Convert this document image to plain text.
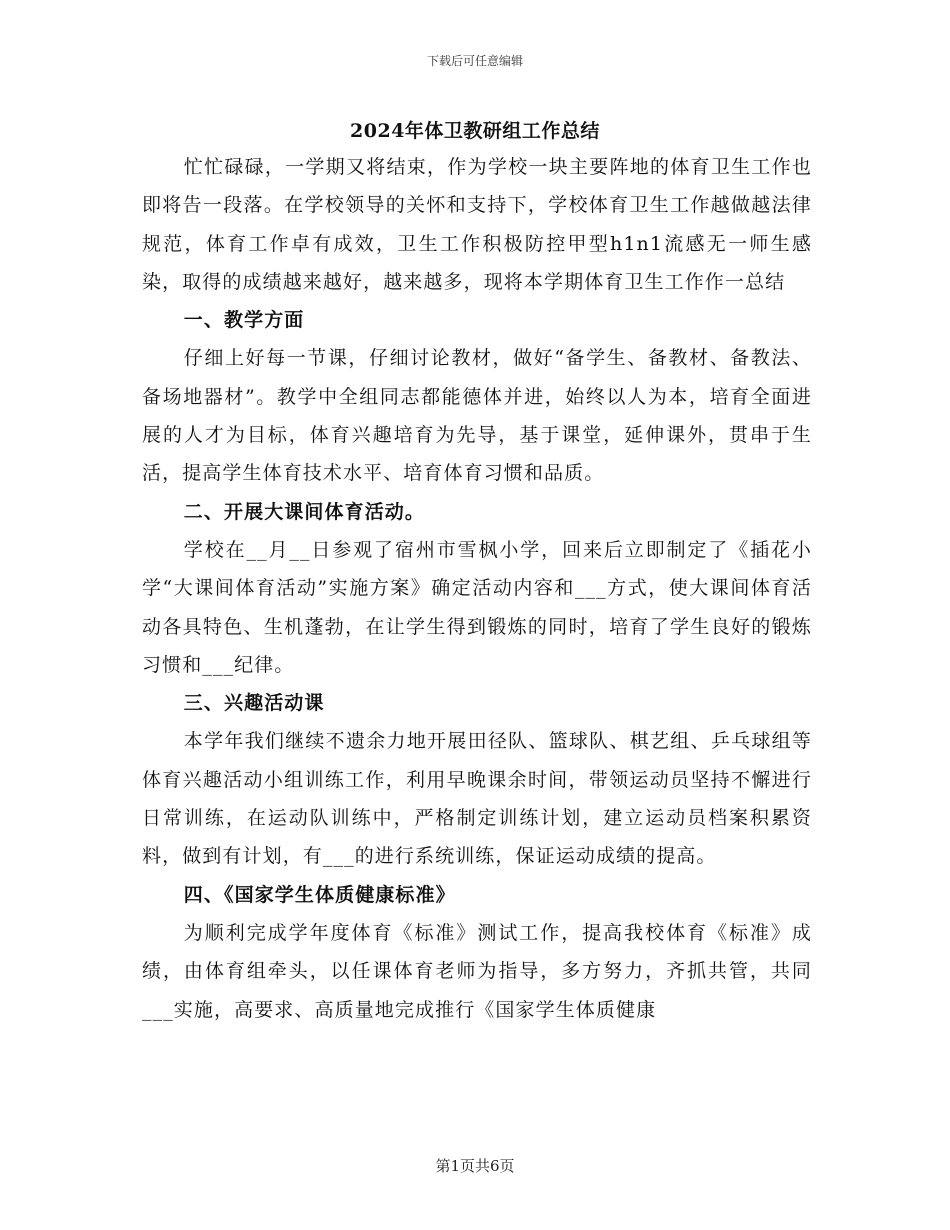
下载后可任意编辑
2024年体卫教研组工作总结

忙忙碌碌，一学期又将结束，作为学校一块主要阵地的体育卫生工作也即将告一段落。在学校领导的关怀和支持下，学校体育卫生工作越做越法律规范，体育工作卓有成效，卫生工作积极防控甲型h1n1流感无一师生感染，取得的成绩越来越好，越来越多，现将本学期体育卫生工作作一总结

一、教学方面

仔细上好每一节课，仔细讨论教材，做好“备学生、备教材、备教法、备场地器材”。教学中全组同志都能德体并进，始终以人为本，培育全面进展的人才为目标，体育兴趣培育为先导，基于课堂，延伸课外，贯串于生活，提高学生体育技术水平、培育体育习惯和品质。

二、开展大课间体育活动。

学校在__月__日参观了宿州市雪枫小学，回来后立即制定了《插花小学“大课间体育活动”实施方案》确定活动内容和___方式，使大课间体育活动各具特色、生机蓬勃，在让学生得到锻炼的同时，培育了学生良好的锻炼习惯和___纪律。

三、兴趣活动课

本学年我们继续不遗余力地开展田径队、篮球队、棋艺组、乒乓球组等体育兴趣活动小组训练工作，利用早晚课余时间，带领运动员坚持不懈进行日常训练，在运动队训练中，严格制定训练计划，建立运动员档案积累资料，做到有计划，有___的进行系统训练，保证运动成绩的提高。

四、《国家学生体质健康标准》

为顺利完成学年度体育《标准》测试工作，提高我校体育《标准》成绩，由体育组牵头，以任课体育老师为指导，多方努力，齐抓共管，共同___实施，高要求、高质量地完成推行《国家学生体质健康

第1页共6页
